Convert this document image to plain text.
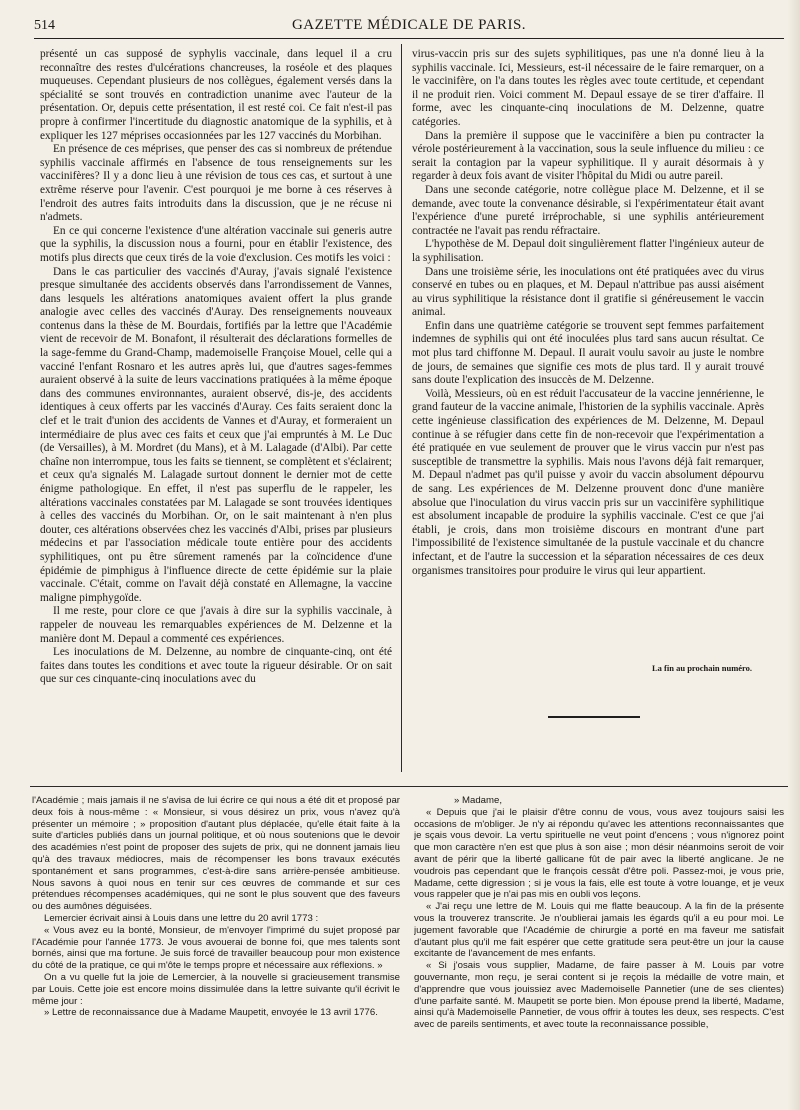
514	GAZETTE MÉDICALE DE PARIS.

présenté un cas supposé de syphylis vaccinale, dans lequel il a cru reconnaître des restes d'ulcérations chancreuses, la roséole et des plaques muqueuses. Cependant plusieurs de nos collègues, également versés dans la spécialité se sont trouvés en contradiction unanime avec l'auteur de la présentation. Or, depuis cette présentation, il est resté coi. Ce fait n'est-il pas propre à confirmer l'incertitude du diagnostic anatomique de la syphilis, et à expliquer les 127 méprises occasionnées par les 127 vaccinés du Morbihan.

En présence de ces méprises, que penser des cas si nombreux de prétendue syphilis vaccinale affirmés en l'absence de tous renseignements sur les vaccinifères? Il y a donc lieu à une révision de tous ces cas, et surtout à une extrême réserve pour l'avenir. C'est pourquoi je me borne à ces réserves à l'endroit des autres faits introduits dans la discussion, que je ne récuse ni n'admets.

En ce qui concerne l'existence d'une altération vaccinale sui generis autre que la syphilis, la discussion nous a fourni, pour en établir l'existence, des motifs plus directs que ceux tirés de la voie d'exclusion. Ces motifs les voici :

Dans le cas particulier des vaccinés d'Auray, j'avais signalé l'existence presque simultanée des accidents observés dans l'arrondissement de Vannes, dans lesquels les altérations anatomiques avaient offert la plus grande analogie avec celles des vaccinés d'Auray. Des renseignements nouveaux contenus dans la thèse de M. Bourdais, fortifiés par la lettre que l'Académie vient de recevoir de M. Bonafont, il résulterait des déclarations formelles de la sage-femme du Grand-Champ, mademoiselle Françoise Mouel, celle qui a vacciné l'enfant Rosnaro et les autres après lui, que d'autres sages-femmes auraient observé à la suite de leurs vaccinations pratiquées à la même époque dans des communes environnantes, auraient observé, dis-je, des accidents identiques à ceux offerts par les vaccinés d'Auray. Ces faits seraient donc la clef et le trait d'union des accidents de Vannes et d'Auray, et formeraient un intermédiaire de plus avec ces faits et ceux que j'ai empruntés à M. Le Duc (de Versailles), à M. Mordret (du Mans), et à M. Lalagade (d'Albi). Par cette chaîne non interrompue, tous les faits se tiennent, se complètent et s'éclairent; et ceux qu'a signalés M. Lalagade surtout donnent le dernier mot de cette énigme pathologique. En effet, il n'est pas superflu de le rappeler, les altérations vaccinales constatées par M. Lalagade se sont trouvées identiques à celles des vaccinés du Morbihan. Or, on le sait maintenant à n'en plus douter, ces altérations observées chez les vaccinés d'Albi, prises par plusieurs médecins et par l'association médicale toute entière pour des accidents syphilitiques, ont pu être sûrement ramenés par la coïncidence d'une épidémie de pimphigus à l'influence directe de cette épidémie sur la plaie vaccinale. C'était, comme on l'avait déjà constaté en Allemagne, la vaccine maligne pimphygoïde.

Il me reste, pour clore ce que j'avais à dire sur la syphilis vaccinale, à rappeler de nouveau les remarquables expériences de M. Delzenne et la manière dont M. Depaul a commenté ces expériences.

Les inoculations de M. Delzenne, au nombre de cinquante-cinq, ont été faites dans toutes les conditions et avec toute la rigueur désirable. Or on sait que sur ces cinquante-cinq inoculations avec du

virus-vaccin pris sur des sujets syphilitiques, pas une n'a donné lieu à la syphilis vaccinale. Ici, Messieurs, est-il nécessaire de le faire remarquer, on a le vaccinifère, on l'a dans toutes les règles avec toute certitude, et cependant il ne produit rien. Voici comment M. Depaul essaye de se tirer d'affaire. Il forme, avec les cinquante-cinq inoculations de M. Delzenne, quatre catégories.

Dans la première il suppose que le vaccinifère a bien pu contracter la vérole postérieurement à la vaccination, sous la seule influence du milieu : ce serait la contagion par la vapeur syphilitique. Il y aurait désormais à y regarder à deux fois avant de visiter l'hôpital du Midi ou autre pareil.

Dans une seconde catégorie, notre collègue place M. Delzenne, et il se demande, avec toute la convenance désirable, si l'expérimentateur était avant l'expérience d'une pureté irréprochable, si une syphilis antérieurement contractée ne l'avait pas rendu réfractaire.

L'hypothèse de M. Depaul doit singulièrement flatter l'ingénieux auteur de la syphilisation.

Dans une troisième série, les inoculations ont été pratiquées avec du virus conservé en tubes ou en plaques, et M. Depaul n'attribue pas aussi aisément au virus syphilitique la résistance dont il gratifie si généreusement le vaccin animal.

Enfin dans une quatrième catégorie se trouvent sept femmes parfaitement indemnes de syphilis qui ont été inoculées plus tard sans aucun résultat. Ce mot plus tard chiffonne M. Depaul. Il aurait voulu savoir au juste le nombre de jours, de semaines que signifie ces mots de plus tard. Il y aurait trouvé sans doute l'explication des insuccès de M. Delzenne.

Voilà, Messieurs, où en est réduit l'accusateur de la vaccine jennérienne, le grand fauteur de la vaccine animale, l'historien de la syphilis vaccinale. Après cette ingénieuse classification des expériences de M. Delzenne, M. Depaul continue à se réfugier dans cette fin de non-recevoir que l'expérimentation a été pratiquée en vue seulement de prouver que le virus vaccin pur n'est pas susceptible de transmettre la syphilis. Mais nous l'avons déjà fait remarquer, M. Depaul n'admet pas qu'il puisse y avoir du vaccin absolument dépourvu de sang. Les expériences de M. Delzenne prouvent donc d'une manière absolue que l'inoculation du virus vaccin pris sur un vaccinifère syphilitique est absolument incapable de produire la syphilis vaccinale. C'est ce que j'ai établi, je crois, dans mon troisième discours en montrant d'une part l'impossibilité de l'existence simultanée de la pustule vaccinale et du chancre infectant, et de l'autre la succession et la séparation nécessaires de ces deux organismes transitoires pour produire le virus qui leur appartient.

La fin au prochain numéro.

l'Académie ; mais jamais il ne s'avisa de lui écrire ce qui nous a été dit et proposé par deux fois à nous-même : « Monsieur, si vous désirez un prix, vous n'avez qu'à présenter un mémoire ; » proposition d'autant plus déplacée, qu'elle était faite à la suite d'articles publiés dans un journal politique, et où nous soutenions que le devoir des académies n'est point de proposer des sujets de prix, qui ne donnent jamais lieu qu'à des travaux médiocres, mais de récompenser les bons travaux exécutés spontanément et sans programmes, c'est-à-dire sans arrière-pensée ambitieuse. Nous savons à quoi nous en tenir sur ces œuvres de commande et sur ces prétendues récompenses académiques, qui ne sont le plus souvent que des faveurs ou des aumônes déguisées.

Lemercier écrivait ainsi à Louis dans une lettre du 20 avril 1773 :

« Vous avez eu la bonté, Monsieur, de m'envoyer l'imprimé du sujet proposé par l'Académie pour l'année 1773. Je vous avouerai de bonne foi, que mes talents sont bornés, ainsi que ma fortune. Je suis forcé de travailler beaucoup pour mon existence du côté de la pratique, ce qui m'ôte le temps propre et nécessaire aux réflexions. »

On a vu quelle fut la joie de Lemercier, à la nouvelle si gracieusement transmise par Louis. Cette joie est encore moins dissimulée dans la lettre suivante qu'il écrivit le même jour :

» Lettre de reconnaissance due à Madame Maupetit, envoyée le 13 avril 1776.

» Madame,

« Depuis que j'ai le plaisir d'être connu de vous, vous avez toujours saisi les occasions de m'obliger. Je n'y ai répondu qu'avec les attentions reconnaissantes que je sçais vous devoir. La vertu spirituelle ne veut point d'encens ; vous n'ignorez point que mon caractère n'en est que plus à son aise ; mon désir néanmoins seroit de voir avant de périr que la liberté gallicane fût de pair avec la liberté anglicane. Je ne voudrois pas cependant que le françois cessât d'être poli. Passez-moi, je vous prie, Madame, cette digression ; si je vous la fais, elle est toute à votre louange, et je veux vous rappeler que je n'ai pas mis en oubli vos leçons.

« J'ai reçu une lettre de M. Louis qui me flatte beaucoup. A la fin de la présente vous la trouverez transcrite. Je n'oublierai jamais les égards qu'il a eu pour moi. Le jugement favorable que l'Académie de chirurgie a porté en ma faveur me satisfait d'autant plus qu'il me fait espérer que cette gratitude sera peut-être un jour la cause excitante de l'avancement de mes enfants.

« Si j'osais vous supplier, Madame, de faire passer à M. Louis par votre gouvernante, mon reçu, je serai content si je reçois la médaille de votre main, et d'apprendre que vous jouissiez avec Mademoiselle Pannetier (une de ses clientes) d'une parfaite santé. M. Maupetit se porte bien. Mon épouse prend la liberté, Madame, ainsi qu'à Mademoiselle Pannetier, de vous offrir à toutes les deux, ses respects. C'est avec de pareils sentiments, et avec toute la reconnaissance possible,
